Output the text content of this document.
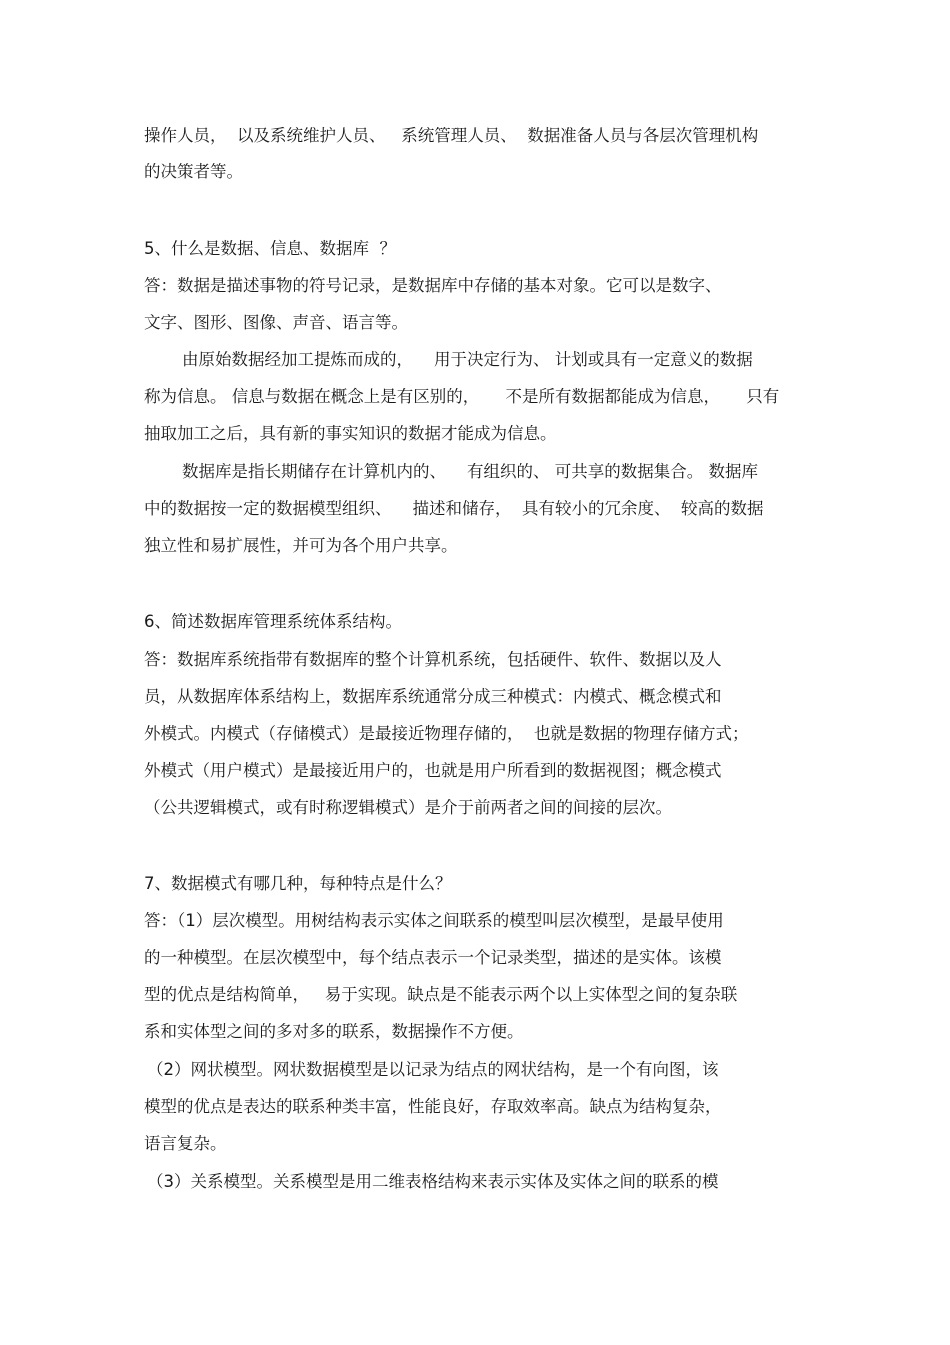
操作人员，  以及系统维护人员、   系统管理人员、  数据准备人员与各层次管理机构

的决策者等。

5、什么是数据、信息、数据库  ？

答：数据是描述事物的符号记录，是数据库中存储的基本对象。它可以是数字、

文字、图形、图像、声音、语言等。

由原始数据经加工提炼而成的，    用于决定行为、 计划或具有一定意义的数据

称为信息。 信息与数据在概念上是有区别的，     不是所有数据都能成为信息，     只有

抽取加工之后，具有新的事实知识的数据才能成为信息。

数据库是指长期储存在计算机内的、    有组织的、 可共享的数据集合。 数据库

中的数据按一定的数据模型组织、    描述和储存，  具有较小的冗余度、  较高的数据

独立性和易扩展性，并可为各个用户共享。

6、简述数据库管理系统体系结构。

答：数据库系统指带有数据库的整个计算机系统，包括硬件、软件、数据以及人

员，从数据库体系结构上，数据库系统通常分成三种模式：内模式、概念模式和

外模式。内模式（存储模式）是最接近物理存储的，  也就是数据的物理存储方式；

外模式（用户模式）是最接近用户的，也就是用户所看到的数据视图；概念模式

（公共逻辑模式，或有时称逻辑模式）是介于前两者之间的间接的层次。

7、数据模式有哪几种，每种特点是什么？

答：（1）层次模型。用树结构表示实体之间联系的模型叫层次模型，是最早使用

的一种模型。在层次模型中，每个结点表示一个记录类型，描述的是实体。该模

型的优点是结构简单，   易于实现。缺点是不能表示两个以上实体型之间的复杂联

系和实体型之间的多对多的联系，数据操作不方便。

（2）网状模型。网状数据模型是以记录为结点的网状结构，是一个有向图，该

模型的优点是表达的联系种类丰富，性能良好，存取效率高。缺点为结构复杂，

语言复杂。

（3）关系模型。关系模型是用二维表格结构来表示实体及实体之间的联系的模
